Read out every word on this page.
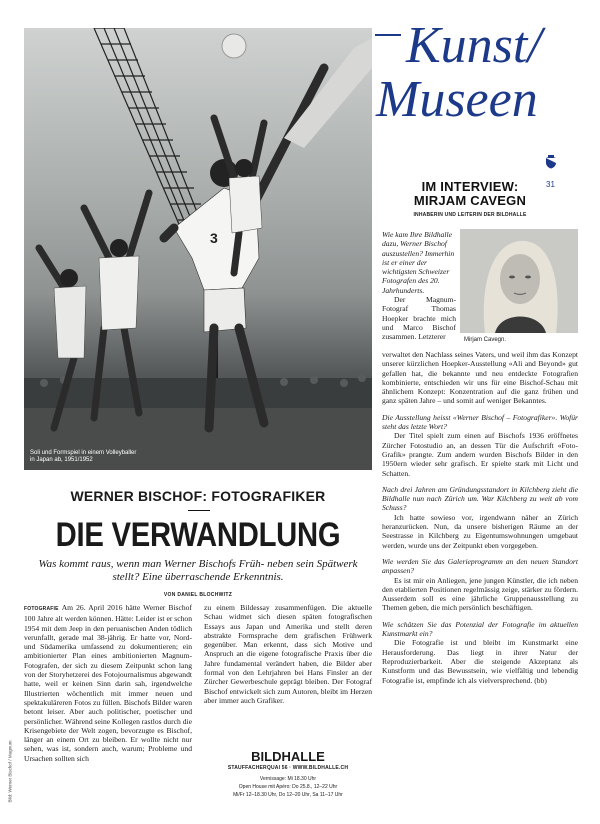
3
Soli und Formspiel in einem Volleyballer in Japan ab, 1951/1952
Bild: Werner Bischof / Magnum
Kunst/
Museen
31
IM INTERVIEW:
MIRJAM CAVEGN
INHABERIN UND LEITERIN DER BILDHALLE
Wie kam Ihre Bildhalle dazu, Werner Bischof auszustellen? Immerhin ist er einer der wichtigsten Schweizer Fotografen des 20. Jahrhunderts.
Der Magnum-Fotograf Thomas Hoepker brachte mich und Marco Bischof zusammen. Letzterer	Mirjam Cavegn.
verwaltet den Nachlass seines Vaters, und weil ihm das Konzept unserer kürzlichen Hoepker-Ausstellung «Ali and Beyond» gut gefallen hat, die bekannte und neu entdeckte Fotografien kombinierte, entschieden wir uns für eine Bischof-Schau mit ähnlichem Konzept: Konzentration auf die ganz frühen und ganz späten Jahre – und somit auf weniger Bekanntes.
Die Ausstellung heisst «Werner Bischof – Fotografiker». Wofür steht das letzte Wort?
Der Titel spielt zum einen auf Bischofs 1936 eröffnetes Zürcher Fotostudio an, an dessen Tür die Aufschrift «Foto-Grafik» prangte. Zum andern wurden Bischofs Bilder in den 1950ern wieder sehr grafisch. Er spielte stark mit Licht und Schatten.
Nach drei Jahren am Gründungsstandort in Kilchberg zieht die Bildhalle nun nach Zürich um. War Kilchberg zu weit ab vom Schuss?
Ich hatte sowieso vor, irgendwann näher an Zürich heranzurücken. Nun, da unsere bisherigen Räume an der Seestrasse in Kilchberg zu Eigentumswohnungen umgebaut werden, wurde uns der Zeitpunkt eben vorgegeben.
Wie werden Sie das Galerieprogramm an den neuen Standort anpassen?
Es ist mir ein Anliegen, jene jungen Künstler, die ich neben den etablierten Positionen regelmässig zeige, stärker zu fördern. Ausserdem soll es eine jährliche Gruppenausstellung zu Themen geben, die mich persönlich beschäftigen.
Wie schätzen Sie das Potenzial der Fotografie im aktuellen Kunstmarkt ein?
Die Fotografie ist und bleibt im Kunstmarkt eine Herausforderung. Das liegt in ihrer Natur der Reproduzierbarkeit. Aber die steigende Akzeptanz als Kunstform und das Bewusstsein, wie vielfältig und lebendig Fotografie ist, empfinde ich als vielversprechend. (bb)
WERNER BISCHOF: FOTOGRAFIKER
DIE VERWANDLUNG
Was kommt raus, wenn man Werner Bischofs Früh- neben sein Spätwerk stellt? Eine überraschende Erkenntnis.
VON DANIEL BLOCHWITZ
FOTOGRAFIE Am 26. April 2016 hätte Werner Bischof 100 Jahre alt werden können. Hätte: Leider ist er schon 1954 mit dem Jeep in den peruanischen Anden tödlich verunfallt, gerade mal 38-jährig. Er hatte vor, Nord- und Südamerika umfassend zu dokumentieren; ein ambitionierter Plan eines ambitionierten Magnum-Fotografen, der sich zu diesem Zeitpunkt schon lang von der Storyhetzerei des Fotojournalismus abgewandt hatte, weil er keinen Sinn darin sah, irgendwelche Illustrierten wöchentlich mit immer neuen und spektakuläreren Fotos zu füllen. Bischofs Bilder waren betont leiser. Aber auch politischer, poetischer und persönlicher. Während seine Kollegen rastlos durch die Krisengebiete der Welt zogen, bevorzugte es Bischof, länger an einem Ort zu bleiben. Er wollte nicht nur sehen, was ist, sondern auch, warum; Probleme und Ursachen sollten sich
zu einem Bildessay zusammenfügen. Die aktuelle Schau widmet sich diesen späten fotografischen Essays aus Japan und Amerika und stellt deren abstrakte Formsprache dem grafischen Frühwerk gegenüber. Man erkennt, dass sich Motive und Anspruch an die eigene fotografische Praxis über die Jahre fundamental verändert haben, die Bilder aber formal von den Lehrjahren bei Hans Finsler an der Zürcher Gewerbeschule geprägt bleiben. Der Fotograf Bischof entwickelt sich zum Autoren, bleibt im Herzen aber immer auch Grafiker.
BILDHALLE
STAUFFACHERQUAI 56 · WWW.BILDHALLE.CH
Vernissage: Mi 18.30 Uhr
Open House mit Apéro: Do 25.8., 12–22 Uhr
Mi/Fr 12–18.30 Uhr, Do 12–20 Uhr, Sa 11–17 Uhr
